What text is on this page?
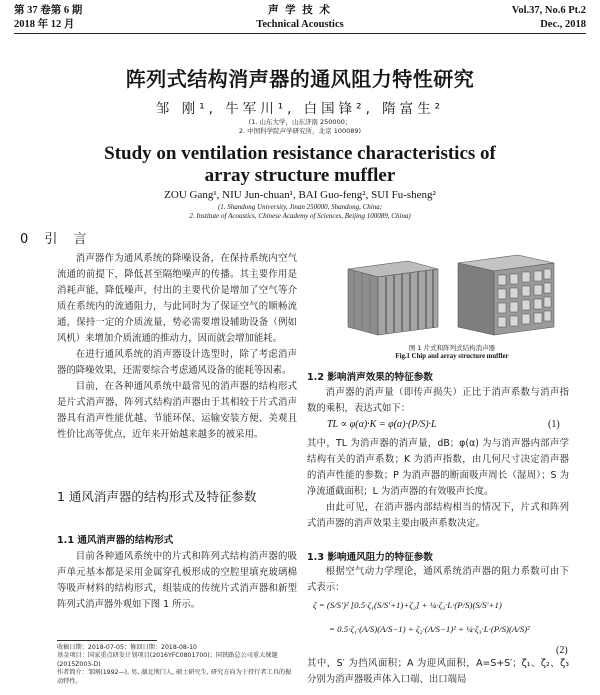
第 37 卷第 6 期
2018 年 12 月
声 学 技 术
Technical Acoustics
Vol.37, No.6 Pt.2
Dec., 2018
阵列式结构消声器的通风阻力特性研究
邹 刚¹, 牛军川¹, 白国锋², 隋富生²
(1. 山东大学，山东济南 250000；
2. 中国科学院声学研究所，北京 100089)
Study on ventilation resistance characteristics of
array structure muffler
ZOU Gang¹, NIU Jun-chuan¹, BAI Guo-feng², SUI Fu-sheng²
(1. Shandong University, Jinan 250000, Shandong, China;
2. Institute of Acoustics, Chinese Academy of Sciences, Beijing 100089, China)
0 引 言

消声器作为通风系统的降噪设备，在保持系统内空气流通的前提下，降低甚至隔绝噪声的传播。其主要作用是消耗声能，降低噪声，付出的主要代价是增加了空气等介质在系统内的流通阻力，与此同时为了保证空气的顺畅流通，保持一定的介质流量，势必需要增设辅助设备（例如风机）来增加介质流通的推动力，因而就会增加能耗。

在进行通风系统的消声器设计选型时，除了考虑消声器的降噪效果，还需要综合考虑通风设备的能耗等因素。

目前，在各种通风系统中最常见的消声器的结构形式是片式消声器，阵列式结构消声器由于其相较于片式消声器具有消声性能优越、节能环保、运输安装方便、美观且性价比高等优点，近年来开始越来越多的被采用。

1 通风消声器的结构形式及特征参数
1.1 通风消声器的结构形式

目前各种通风系统中的片式和阵列式结构消声器的吸声单元基本都是采用金属穿孔板形成的空腔里填充玻璃棉等吸声材料的结构形式，组装成的传统片式消声器和新型阵列式消声器外观如下图 1 所示。

收稿日期：2018-07-05；修回日期：2018-08-10
基金项目：国家重点研发计划项目(2016YFC0801700)；国铁路总公司重大课题(2015Z003-D)
作者简介：邹刚(1992—), 男, 湖北荆门人, 硕士研究生, 研究方向为于持行者工具的振动特性。
图 1 片式和阵列式结构消声器
Fig.1 Chip and array structure muffler
1.2 影响消声效果的特征参数

消声器的消声量（即传声损失）正比于消声系数与消声指数的乘积，表达式如下：

TL ∝ φ(α)·K = φ(α)·(P/S)·L	(1)

其中，TL 为消声器的消声量，dB；φ(α) 为与消声器内部声学结构有关的消声系数；K 为消声指数，由几何尺寸决定消声器的消声性能的参数；P 为消声器的断面吸声周长（湿周）；S 为净流通截面积；L 为消声器的有效吸声长度。

由此可见，在消声器内部结构相当的情况下，片式和阵列式消声器的消声效果主要由吸声系数决定。

1.3 影响通风阻力的特征参数

根据空气动力学理论，通风系统消声器的阻力系数可由下式表示：

ζ = (S/S′)² [0.5·ζ₁(S/S′+1)+ζ₂] + ¼·ζ₃·L·(P/S)(S/S′+1)
= 0.5·ζ₁·(A/S)(A/S−1) + ζ₂·(A/S−1)² + ¼·ζ₃·L·(P/S)(A/S)²
(2)

其中，S′ 为挡风面积；A 为迎风面积，A=S+S′；ζ₁、ζ₂、ζ₃ 分别为消声器吸声体入口端、出口端局
